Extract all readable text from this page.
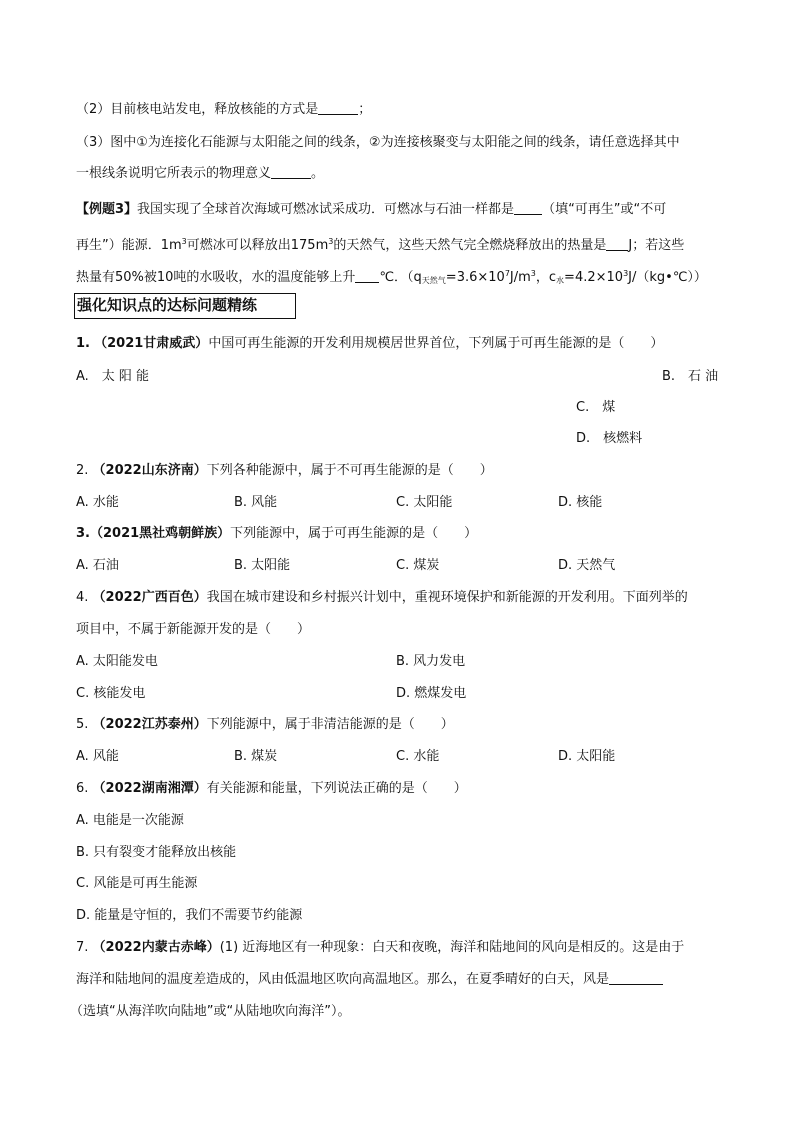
（2）目前核电站发电，释放核能的方式是	；
（3）图中①为连接化石能源与太阳能之间的线条，②为连接核聚变与太阳能之间的线条，请任意选择其中
一根线条说明它所表示的物理意义	。
【例题3】我国实现了全球首次海域可燃冰试采成功．可燃冰与石油一样都是 （填“可再生”或“不可
再生”）能源．$1m^3$可燃冰可以释放出$175m^3$的天然气，这些天然气完全燃烧释放出的热量是 J；若这些
热量有50%被10吨的水吸收，水的温度能够上升 ℃．（$q_{天然气}=3.6\times 10^7J/m^3$，$c_水=4.2\times 10^3J/(kg•℃)$）
强化知识点的达标问题精练
1. （2021甘肃威武）中国可再生能源的开发利用规模居世界首位，下列属于可再生能源的是（　　）
A.　太 阳 能	B.　石 油
C.　煤
D.　核燃料
2. （2022山东济南）下列各种能源中，属于不可再生能源的是（　　）
A. 水能	B. 风能	C. 太阳能	D. 核能
3.（2021黑社鸡朝鲜族）下列能源中，属于可再生能源的是（　　）
A. 石油	B. 太阳能	C. 煤炭	D. 天然气
4. （2022广西百色）我国在城市建设和乡村振兴计划中，重视环境保护和新能源的开发利用。下面列举的
项目中，不属于新能源开发的是（　　）
A. 太阳能发电	B. 风力发电
C. 核能发电	D. 燃煤发电
5. （2022江苏泰州）下列能源中，属于非清洁能源的是（　　）
A. 风能	B. 煤炭	C. 水能	D. 太阳能
6. （2022湖南湘潭）有关能源和能量，下列说法正确的是（　　）
A. 电能是一次能源
B. 只有裂变才能释放出核能
C. 风能是可再生能源
D. 能量是守恒的，我们不需要节约能源
7. （2022内蒙古赤峰）(1) 近海地区有一种现象：白天和夜晚，海洋和陆地间的风向是相反的。这是由于
海洋和陆地间的温度差造成的，风由低温地区吹向高温地区。那么，在夏季晴好的白天，风是
（选填“从海洋吹向陆地”或“从陆地吹向海洋”）。
